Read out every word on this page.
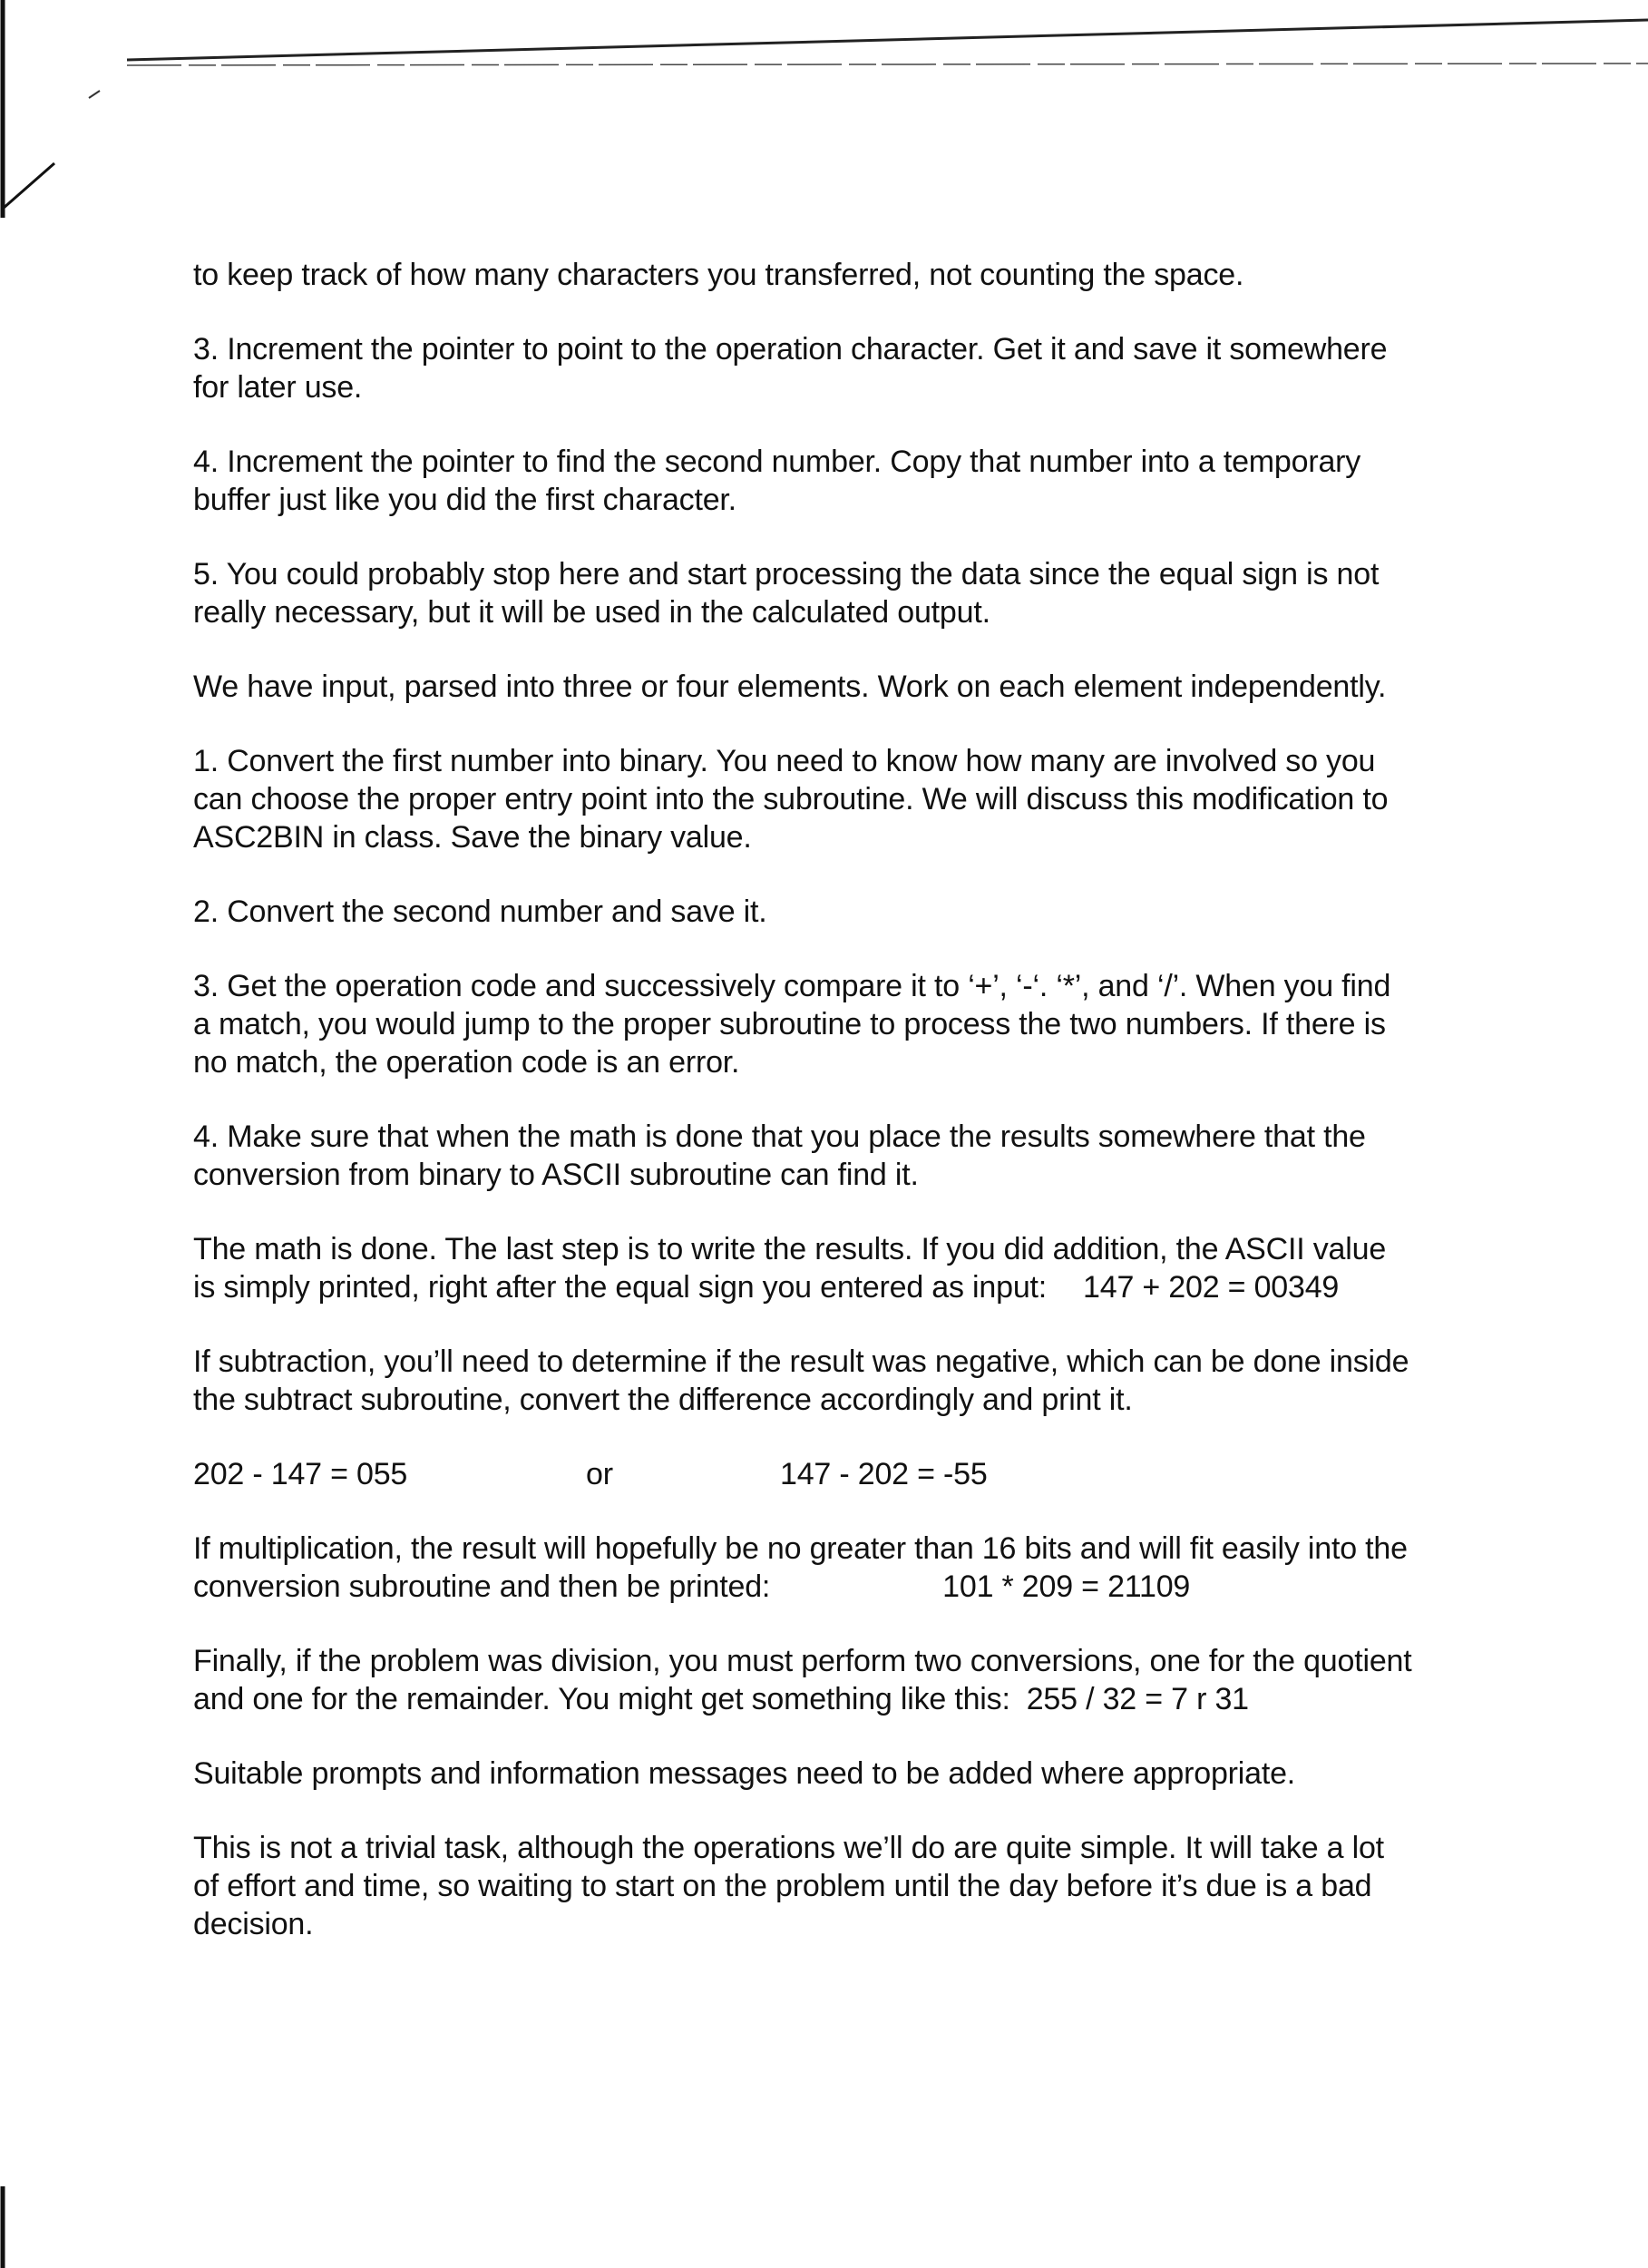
to keep track of how many characters you transferred, not counting the space.

3. Increment the pointer to point to the operation character. Get it and save it somewhere
for later use.

4. Increment the pointer to find the second number. Copy that number into a temporary
buffer just like you did the first character.

5. You could probably stop here and start processing the data since the equal sign is not
really necessary, but it will be used in the calculated output.

We have input, parsed into three or four elements. Work on each element independently.

1. Convert the first number into binary. You need to know how many are involved so you
can choose the proper entry point into the subroutine. We will discuss this modification to
ASC2BIN in class. Save the binary value.

2. Convert the second number and save it.

3. Get the operation code and successively compare it to ‘+’, ‘-‘. ‘*’, and ‘/’. When you find
a match, you would jump to the proper subroutine to process the two numbers. If there is
no match, the operation code is an error.

4. Make sure that when the math is done that you place the results somewhere that the
conversion from binary to ASCII subroutine can find it.

The math is done. The last step is to write the results. If you did addition, the ASCII value
is simply printed, right after the equal sign you entered as input: 147 + 202 = 00349

If subtraction, you’ll need to determine if the result was negative, which can be done inside
the subtract subroutine, convert the difference accordingly and print it.

202 - 147 = 055	or	147 - 202 = -55

If multiplication, the result will hopefully be no greater than 16 bits and will fit easily into the
conversion subroutine and then be printed:	101 * 209 = 21109

Finally, if the problem was division, you must perform two conversions, one for the quotient
and one for the remainder. You might get something like this: 255 / 32 = 7 r 31

Suitable prompts and information messages need to be added where appropriate.

This is not a trivial task, although the operations we’ll do are quite simple. It will take a lot
of effort and time, so waiting to start on the problem until the day before it’s due is a bad
decision.
